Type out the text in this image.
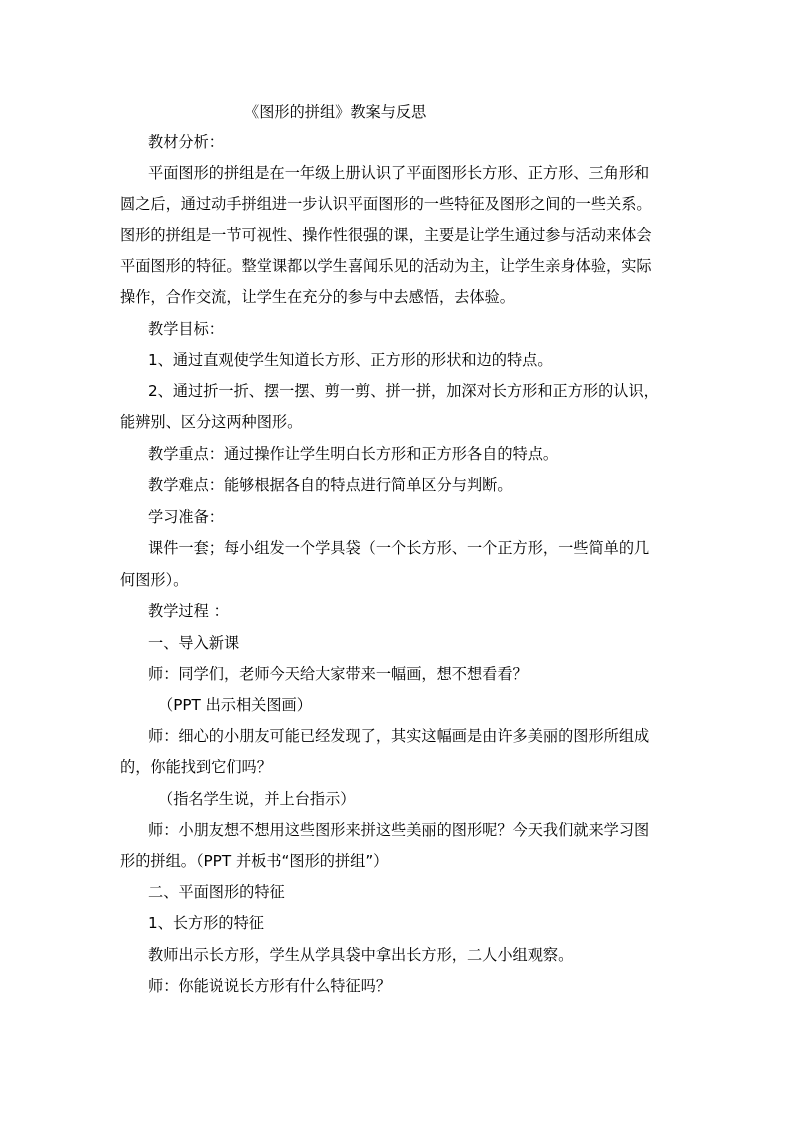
《图形的拼组》教案与反思
教材分析：
平面图形的拼组是在一年级上册认识了平面图形长方形、正方形、三角形和
圆之后，通过动手拼组进一步认识平面图形的一些特征及图形之间的一些关系。
图形的拼组是一节可视性、操作性很强的课，主要是让学生通过参与活动来体会
平面图形的特征。整堂课都以学生喜闻乐见的活动为主，让学生亲身体验，实际
操作，合作交流，让学生在充分的参与中去感悟，去体验。
教学目标：
1、通过直观使学生知道长方形、正方形的形状和边的特点。
2、通过折一折、摆一摆、剪一剪、拼一拼，加深对长方形和正方形的认识，
能辨别、区分这两种图形。
教学重点：通过操作让学生明白长方形和正方形各自的特点。
教学难点：能够根据各自的特点进行简单区分与判断。
学习准备：
课件一套；每小组发一个学具袋（一个长方形、一个正方形，一些简单的几
何图形）。
教学过程 ：
一、导入新课
师：同学们，老师今天给大家带来一幅画，想不想看看？
（PPT 出示相关图画）
师：细心的小朋友可能已经发现了，其实这幅画是由许多美丽的图形所组成
的，你能找到它们吗？
（指名学生说，并上台指示）
师：小朋友想不想用这些图形来拼这些美丽的图形呢？今天我们就来学习图
形的拼组。（PPT 并板书“图形的拼组”）
二、平面图形的特征
1、长方形的特征
教师出示长方形，学生从学具袋中拿出长方形，二人小组观察。
师：你能说说长方形有什么特征吗？
